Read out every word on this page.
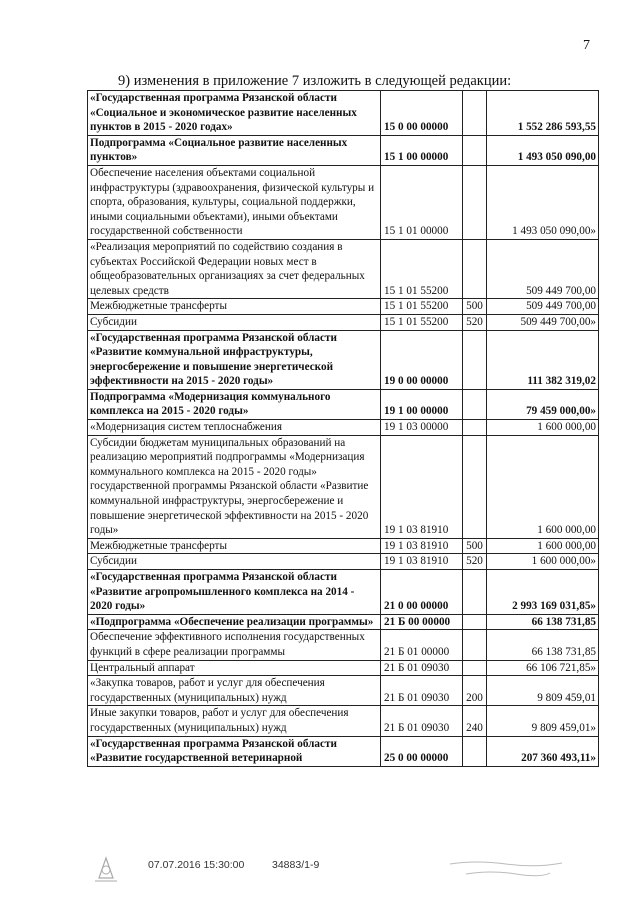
7
9) изменения в приложение 7 изложить в следующей редакции:
«Государственная программа Рязанской области «Социальное и экономическое развитие населенных пунктов в 2015 - 2020 годах»	15 0 00 00000		1 552 286 593,55
Подпрограмма «Социальное развитие населенных пунктов»	15 1 00 00000		1 493 050 090,00
Обеспечение населения объектами социальной инфраструктуры (здравоохранения, физической культуры и спорта, образования, культуры, социальной поддержки, иными социальными объектами), иными объектами государственной собственности	15 1 01 00000		1 493 050 090,00»
«Реализация мероприятий по содействию создания в субъектах Российской Федерации новых мест в общеобразовательных организациях за счет федеральных целевых средств	15 1 01 55200		509 449 700,00
Межбюджетные трансферты	15 1 01 55200	500	509 449 700,00
Субсидии	15 1 01 55200	520	509 449 700,00»
«Государственная программа Рязанской области «Развитие коммунальной инфраструктуры, энергосбережение и повышение энергетической эффективности на 2015 - 2020 годы»	19 0 00 00000		111 382 319,02
Подпрограмма «Модернизация коммунального комплекса на 2015 - 2020 годы»	19 1 00 00000		79 459 000,00»
«Модернизация систем теплоснабжения	19 1 03 00000		1 600 000,00
Субсидии бюджетам муниципальных образований на реализацию мероприятий подпрограммы «Модернизация коммунального комплекса на 2015 - 2020 годы» государственной программы Рязанской области «Развитие коммунальной инфраструктуры, энергосбережение и повышение энергетической эффективности на 2015 - 2020 годы»	19 1 03 81910		1 600 000,00
Межбюджетные трансферты	19 1 03 81910	500	1 600 000,00
Субсидии	19 1 03 81910	520	1 600 000,00»
«Государственная программа Рязанской области «Развитие агропромышленного комплекса на 2014 - 2020 годы»	21 0 00 00000		2 993 169 031,85»
«Подпрограмма «Обеспечение реализации программы»	21 Б 00 00000		66 138 731,85
Обеспечение эффективного исполнения государственных функций в сфере реализации программы	21 Б 01 00000		66 138 731,85
Центральный аппарат	21 Б 01 09030		66 106 721,85»
«Закупка товаров, работ и услуг для обеспечения государственных (муниципальных) нужд	21 Б 01 09030	200	9 809 459,01
Иные закупки товаров, работ и услуг для обеспечения государственных (муниципальных) нужд	21 Б 01 09030	240	9 809 459,01»
«Государственная программа Рязанской области «Развитие государственной ветеринарной	25 0 00 00000		207 360 493,11»
07.07.2016 15:30:00	34883/1-9
